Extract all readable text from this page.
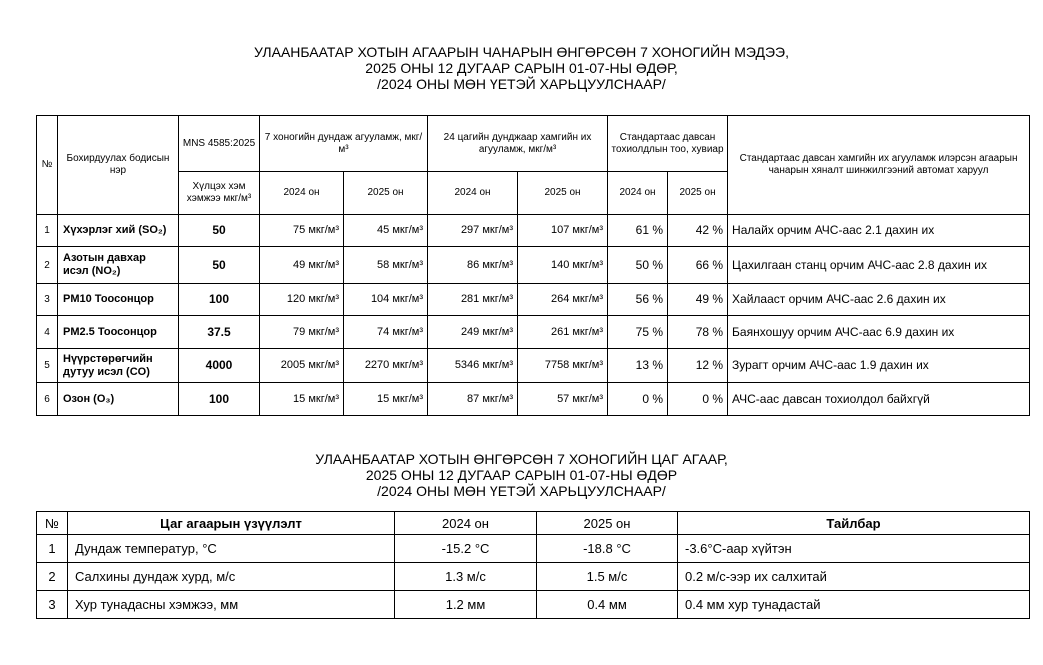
УЛААНБААТАР ХОТЫН АГААРЫН ЧАНАРЫН ӨНГӨРСӨН 7 ХОНОГИЙН МЭДЭЭ,
2025 ОНЫ 12 ДУГААР САРЫН 01-07-НЫ ӨДӨР,
/2024 ОНЫ МӨН ҮЕТЭЙ ХАРЬЦУУЛСНААР/
№	Бохирдуулах бодисын нэр	MNS 4585:2025	7 хоногийн дундаж агууламж, мкг/м³		24 цагийн дунджаар хамгийн их агууламж, мкг/м³		Стандартаас давсан тохиолдлын тоо, хувиар		Стандартаас давсан хамгийн их агууламж илэрсэн агаарын чанарын хяналт шинжилгээний автомат харуул
		Хүлцэх хэм хэмжээ мкг/м³	2024 он	2025 он	2024 он	2025 он	2024 он	2025 он	
1	Хүхэрлэг хий (SO₂)	50	75 мкг/м³	45 мкг/м³	297 мкг/м³	107 мкг/м³	61 %	42 %	Налайх орчим АЧС-аас 2.1 дахин их
2	Азотын давхар исэл (NO₂)	50	49 мкг/м³	58 мкг/м³	86 мкг/м³	140 мкг/м³	50 %	66 %	Цахилгаан станц орчим АЧС-аас 2.8 дахин их
3	PM10 Тоосонцор	100	120 мкг/м³	104 мкг/м³	281 мкг/м³	264 мкг/м³	56 %	49 %	Хайлааст орчим АЧС-аас 2.6 дахин их
4	PM2.5 Тоосонцор	37.5	79 мкг/м³	74 мкг/м³	249 мкг/м³	261 мкг/м³	75 %	78 %	Баянхошуу орчим АЧС-аас 6.9 дахин их
5	Нүүрстөрөгчийн дутуу исэл (CO)	4000	2005 мкг/м³	2270 мкг/м³	5346 мкг/м³	7758 мкг/м³	13 %	12 %	Зурагт орчим АЧС-аас 1.9 дахин их
6	Озон (O₃)	100	15 мкг/м³	15 мкг/м³	87 мкг/м³	57 мкг/м³	0 %	0 %	АЧС-аас давсан тохиолдол байхгүй
УЛААНБААТАР ХОТЫН ӨНГӨРСӨН 7 ХОНОГИЙН ЦАГ АГААР,
2025 ОНЫ 12 ДУГААР САРЫН 01-07-НЫ ӨДӨР
/2024 ОНЫ МӨН ҮЕТЭЙ ХАРЬЦУУЛСНААР/
№	Цаг агаарын үзүүлэлт	2024 он	2025 он	Тайлбар
1	Дундаж температур, °C	-15.2 °C	-18.8 °C	-3.6°C-аар хүйтэн
2	Салхины дундаж хурд, м/с	1.3 м/с	1.5 м/с	0.2 м/с-ээр их салхитай
3	Хур тунадасны хэмжээ, мм	1.2 мм	0.4 мм	0.4 мм хур тунадастай
